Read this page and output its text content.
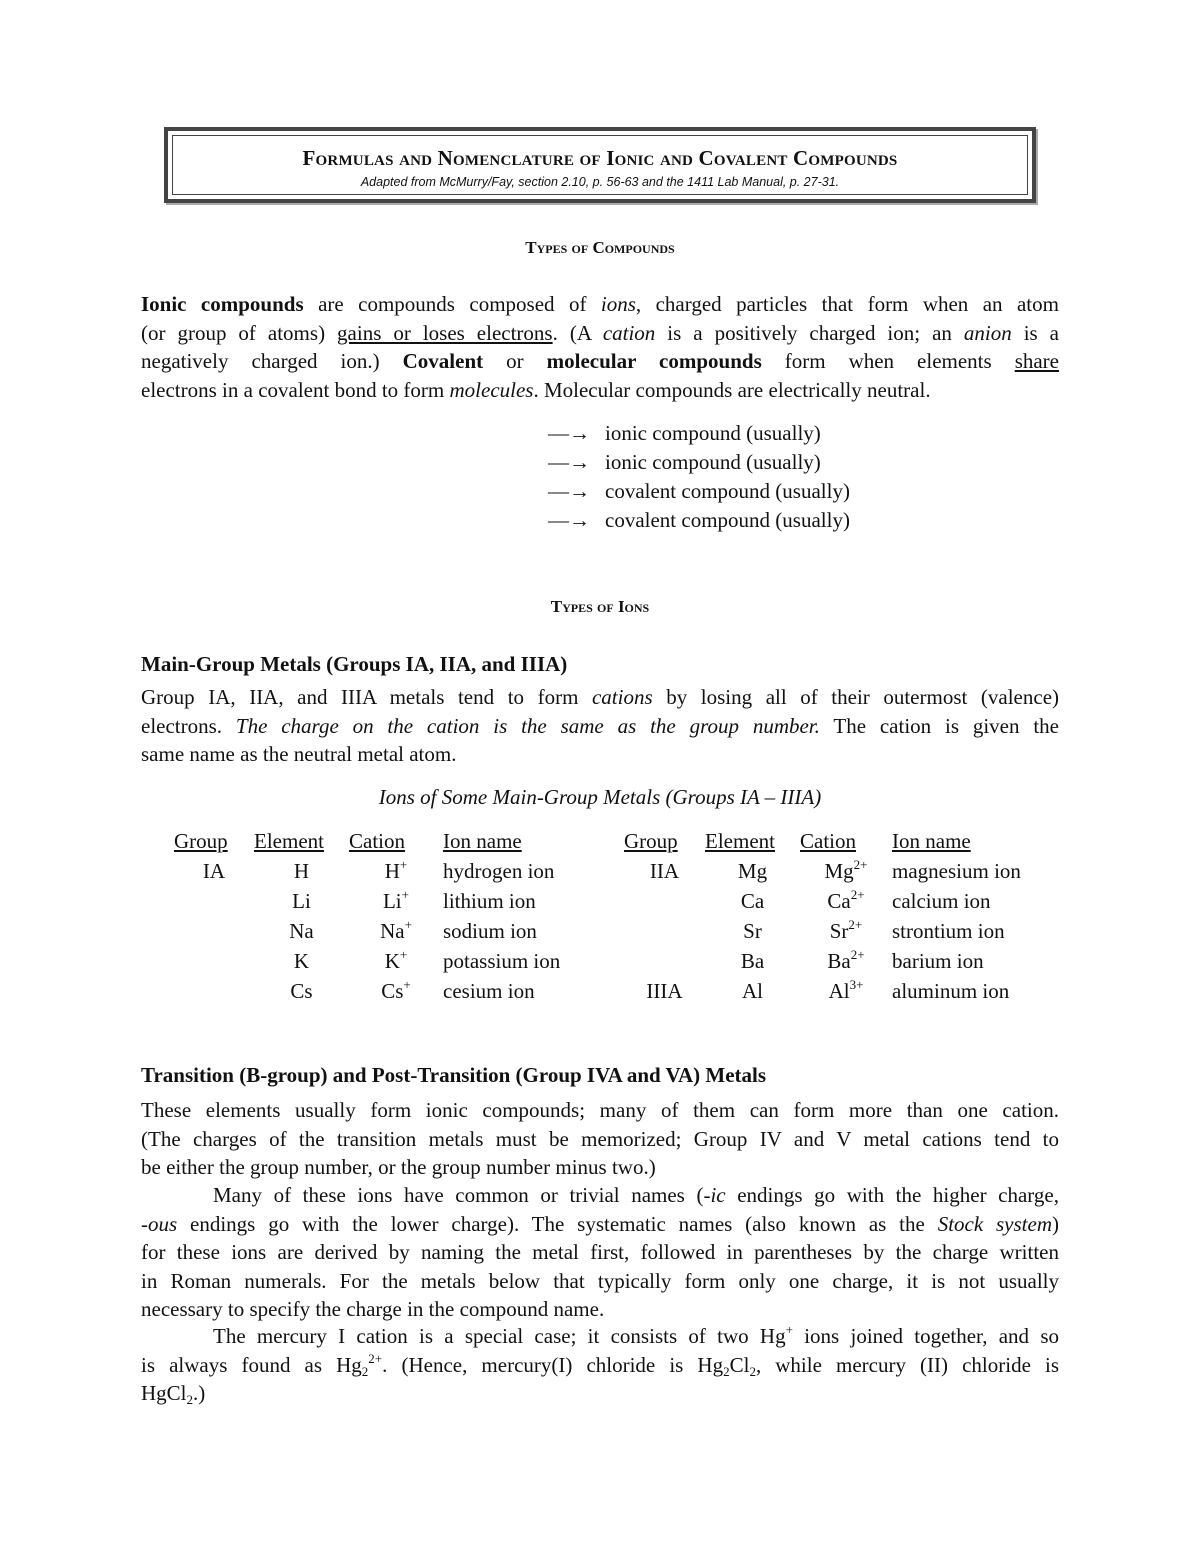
Formulas and Nomenclature of Ionic and Covalent Compounds
Adapted from McMurry/Fay, section 2.10, p. 56-63 and the 1411 Lab Manual, p. 27-31.
Types of Compounds
Ionic compounds are compounds composed of ions, charged particles that form when an atom
(or group of atoms) gains or loses electrons. (A cation is a positively charged ion; an anion is a
negatively charged ion.) Covalent or molecular compounds form when elements share
electrons in a covalent bond to form molecules. Molecular compounds are electrically neutral.
—→ ionic compound (usually)
—→ ionic compound (usually)
—→ covalent compound (usually)
—→ covalent compound (usually)
Types of Ions
Main-Group Metals (Groups IA, IIA, and IIIA)
Group IA, IIA, and IIIA metals tend to form cations by losing all of their outermost (valence)
electrons. The charge on the cation is the same as the group number. The cation is given the
same name as the neutral metal atom.
Ions of Some Main-Group Metals (Groups IA – IIIA)
Group	Element	Cation	Ion name	Group	Element	Cation	Ion name
IA	H	H+	hydrogen ion	IIA	Mg	$Mg^{2+}$	magnesium ion
	Li	Li+	lithium ion		Ca	$Ca^{2+}$	calcium ion
	Na	Na+	sodium ion		Sr	$Sr^{2+}$	strontium ion
	K	K+	potassium ion		Ba	$Ba^{2+}$	barium ion
	Cs	Cs+	cesium ion	IIIA	Al	$Al^{3+}$	aluminum ion
Transition (B-group) and Post-Transition (Group IVA and VA) Metals
These elements usually form ionic compounds; many of them can form more than one cation.
(The charges of the transition metals must be memorized; Group IV and V metal cations tend to
be either the group number, or the group number minus two.)
Many of these ions have common or trivial names (-ic endings go with the higher charge,
-ous endings go with the lower charge). The systematic names (also known as the Stock system)
for these ions are derived by naming the metal first, followed in parentheses by the charge written
in Roman numerals. For the metals below that typically form only one charge, it is not usually
necessary to specify the charge in the compound name.
The mercury I cation is a special case; it consists of two Hg+ ions joined together, and so
is always found as $Hg_2^{2+}$. (Hence, mercury(I) chloride is $Hg_2Cl_2$, while mercury (II) chloride is
HgCl$_2$.)
